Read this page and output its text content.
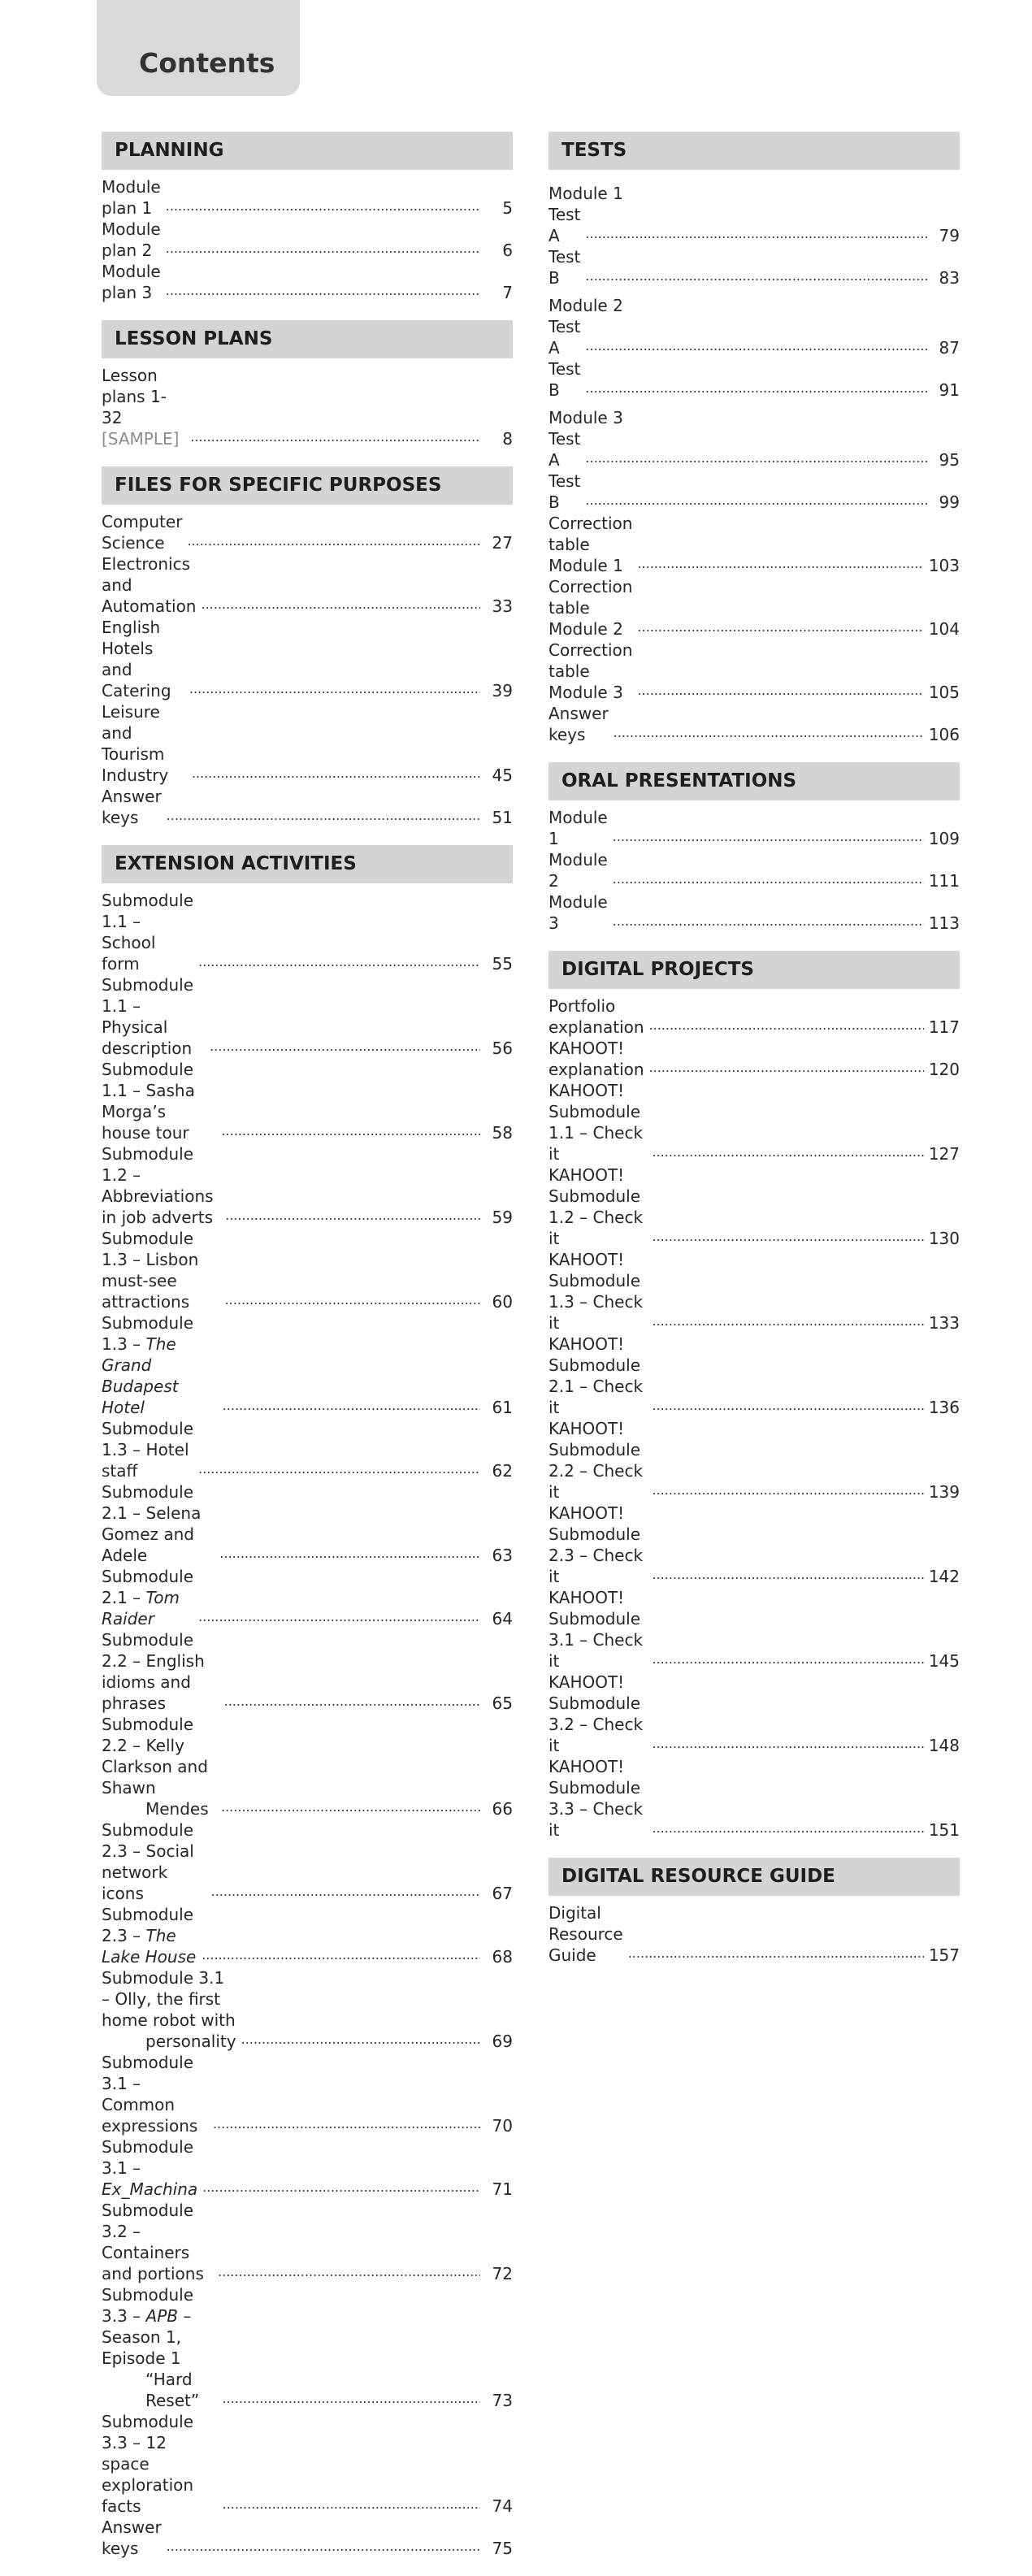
Contents
PLANNING
Module plan 1 .....	5
Module plan 2 .....	6
Module plan 3 .....	7
LESSON PLANS
Lesson plans 1-32 [SAMPLE] .....	8
FILES FOR SPECIFIC PURPOSES
Computer Science .....	27
Electronics and Automation .....	33
English Hotels and Catering .....	39
Leisure and Tourism Industry .....	45
Answer keys .....	51
EXTENSION ACTIVITIES
Submodule 1.1 – School form .....	55
Submodule 1.1 – Physical description .....	56
Submodule 1.1 – Sasha Morga’s house tour .....	58
Submodule 1.2 – Abbreviations in job adverts .....	59
Submodule 1.3 – Lisbon must-see attractions .....	60
Submodule 1.3 – The Grand Budapest Hotel .....	61
Submodule 1.3 – Hotel staff .....	62
Submodule 2.1 – Selena Gomez and Adele .....	63
Submodule 2.1 – Tom Raider .....	64
Submodule 2.2 – English idioms and phrases .....	65
Submodule 2.2 – Kelly Clarkson and Shawn
Mendes .....	66
Submodule 2.3 – Social network icons .....	67
Submodule 2.3 – The Lake House .....	68
Submodule 3.1 – Olly, the first home robot with
personality .....	69
Submodule 3.1 – Common expressions .....	70
Submodule 3.1 – Ex_Machina .....	71
Submodule 3.2 – Containers and portions .....	72
Submodule 3.3 – APB – Season 1, Episode 1
“Hard Reset” .....	73
Submodule 3.3 – 12 space exploration facts .....	74
Answer keys .....	75
TESTS
Module 1
Test A .....	79
Test B .....	83
Module 2
Test A .....	87
Test B .....	91
Module 3
Test A .....	95
Test B .....	99
Correction table Module 1 .....	103
Correction table Module 2 .....	104
Correction table Module 3 .....	105
Answer keys .....	106
ORAL PRESENTATIONS
Module 1 .....	109
Module 2 .....	111
Module 3 .....	113
DIGITAL PROJECTS
Portfolio explanation .....	117
KAHOOT! explanation .....	120
KAHOOT! Submodule 1.1 – Check it .....	127
KAHOOT! Submodule 1.2 – Check it .....	130
KAHOOT! Submodule 1.3 – Check it .....	133
KAHOOT! Submodule 2.1 – Check it .....	136
KAHOOT! Submodule 2.2 – Check it .....	139
KAHOOT! Submodule 2.3 – Check it .....	142
KAHOOT! Submodule 3.1 – Check it .....	145
KAHOOT! Submodule 3.2 – Check it .....	148
KAHOOT! Submodule 3.3 – Check it .....	151
DIGITAL RESOURCE GUIDE
Digital Resource Guide .....	157
